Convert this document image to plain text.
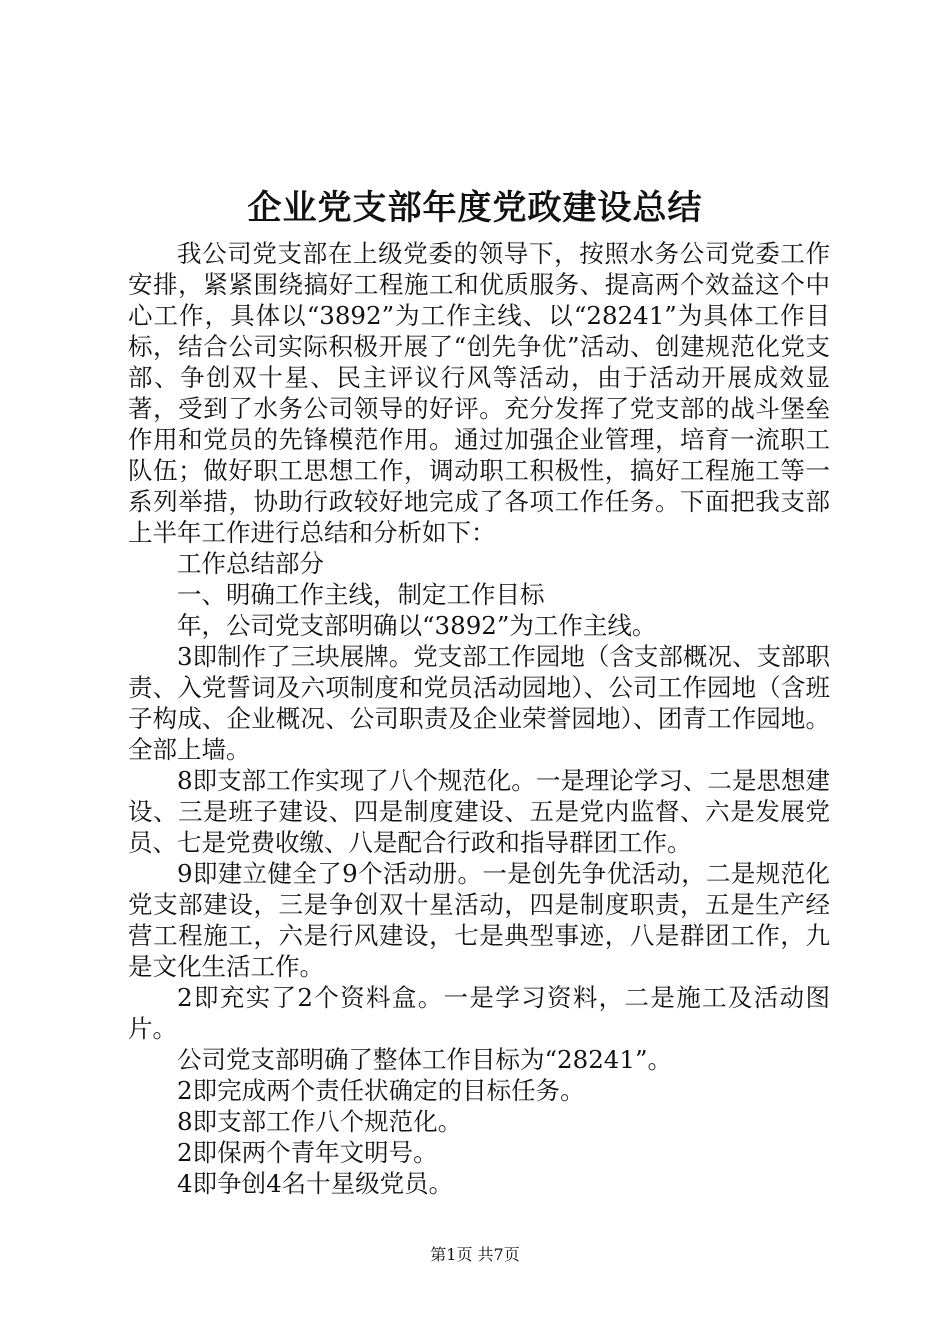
企业党支部年度党政建设总结

我公司党支部在上级党委的领导下，按照水务公司党委工作安排，紧紧围绕搞好工程施工和优质服务、提高两个效益这个中心工作，具体以“3892”为工作主线、以“28241”为具体工作目标，结合公司实际积极开展了“创先争优”活动、创建规范化党支部、争创双十星、民主评议行风等活动，由于活动开展成效显著，受到了水务公司领导的好评。充分发挥了党支部的战斗堡垒作用和党员的先锋模范作用。通过加强企业管理，培育一流职工队伍；做好职工思想工作，调动职工积极性，搞好工程施工等一系列举措，协助行政较好地完成了各项工作任务。下面把我支部上半年工作进行总结和分析如下：

工作总结部分

一、明确工作主线，制定工作目标

年，公司党支部明确以“3892”为工作主线。

3即制作了三块展牌。党支部工作园地（含支部概况、支部职责、入党誓词及六项制度和党员活动园地）、公司工作园地（含班子构成、企业概况、公司职责及企业荣誉园地）、团青工作园地。全部上墙。

8即支部工作实现了八个规范化。一是理论学习、二是思想建设、三是班子建设、四是制度建设、五是党内监督、六是发展党员、七是党费收缴、八是配合行政和指导群团工作。

9即建立健全了9个活动册。一是创先争优活动，二是规范化党支部建设，三是争创双十星活动，四是制度职责，五是生产经营工程施工，六是行风建设，七是典型事迹，八是群团工作，九是文化生活工作。

2即充实了2个资料盒。一是学习资料，二是施工及活动图片。

公司党支部明确了整体工作目标为“28241”。

2即完成两个责任状确定的目标任务。

8即支部工作八个规范化。

2即保两个青年文明号。

4即争创4名十星级党员。

第1页 共7页
